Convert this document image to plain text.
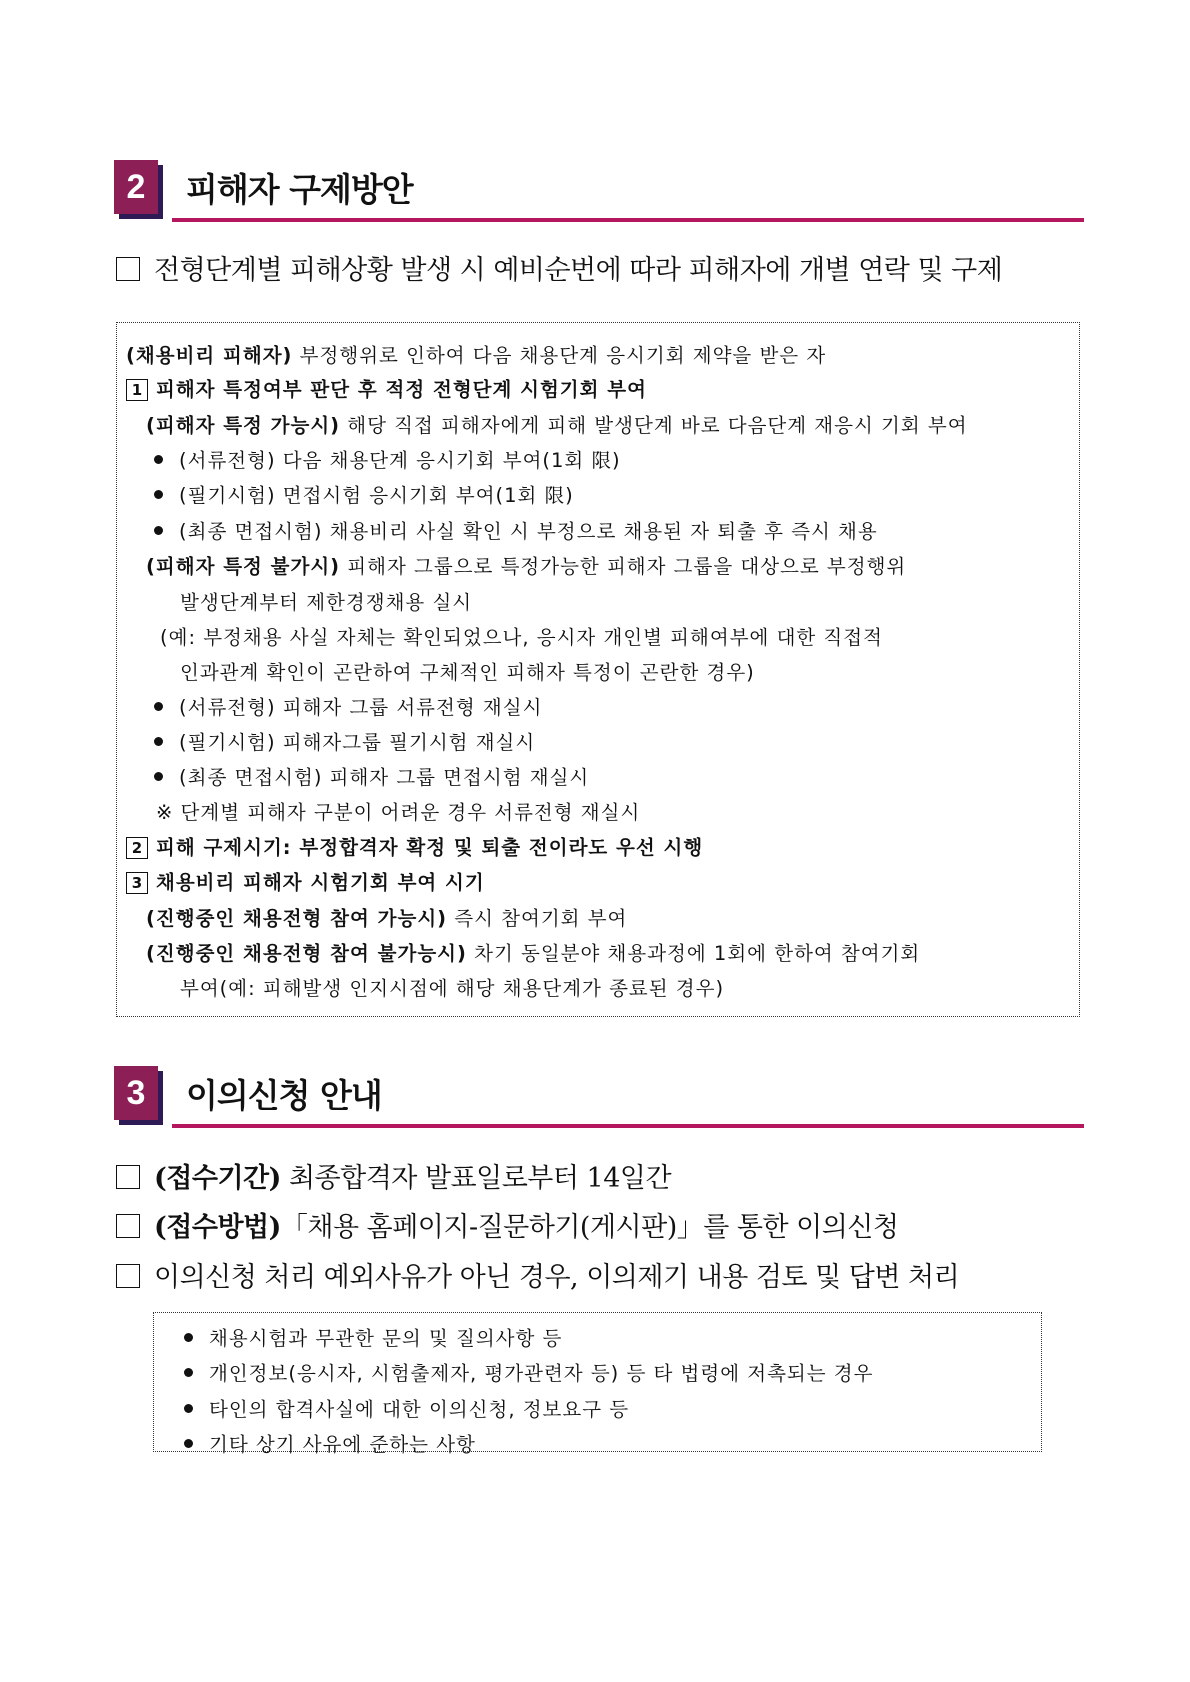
2	피해자 구제방안
전형단계별 피해상황 발생 시 예비순번에 따라 피해자에 개별 연락 및 구제
(채용비리 피해자) 부정행위로 인하여 다음 채용단계 응시기회 제약을 받은 자
1 피해자 특정여부 판단 후 적정 전형단계 시험기회 부여
(피해자 특정 가능시) 해당 직접 피해자에게 피해 발생단계 바로 다음단계 재응시 기회 부여
(서류전형) 다음 채용단계 응시기회 부여(1회 限)
(필기시험) 면접시험 응시기회 부여(1회 限)
(최종 면접시험) 채용비리 사실 확인 시 부정으로 채용된 자 퇴출 후 즉시 채용
(피해자 특정 불가시) 피해자 그룹으로 특정가능한 피해자 그룹을 대상으로 부정행위
발생단계부터 제한경쟁채용 실시
(예: 부정채용 사실 자체는 확인되었으나, 응시자 개인별 피해여부에 대한 직접적
인과관계 확인이 곤란하여 구체적인 피해자 특정이 곤란한 경우)
(서류전형) 피해자 그룹 서류전형 재실시
(필기시험) 피해자그룹 필기시험 재실시
(최종 면접시험) 피해자 그룹 면접시험 재실시
※ 단계별 피해자 구분이 어려운 경우 서류전형 재실시
2 피해 구제시기: 부정합격자 확정 및 퇴출 전이라도 우선 시행
3 채용비리 피해자 시험기회 부여 시기
(진행중인 채용전형 참여 가능시) 즉시 참여기회 부여
(진행중인 채용전형 참여 불가능시) 차기 동일분야 채용과정에 1회에 한하여 참여기회
부여(예: 피해발생 인지시점에 해당 채용단계가 종료된 경우)
3	이의신청 안내
(접수기간) 최종합격자 발표일로부터 14일간
(접수방법)「채용 홈페이지-질문하기(게시판)」를 통한 이의신청
이의신청 처리 예외사유가 아닌 경우, 이의제기 내용 검토 및 답변 처리
채용시험과 무관한 문의 및 질의사항 등
개인정보(응시자, 시험출제자, 평가관련자 등) 등 타 법령에 저촉되는 경우
타인의 합격사실에 대한 이의신청, 정보요구 등
기타 상기 사유에 준하는 사항
